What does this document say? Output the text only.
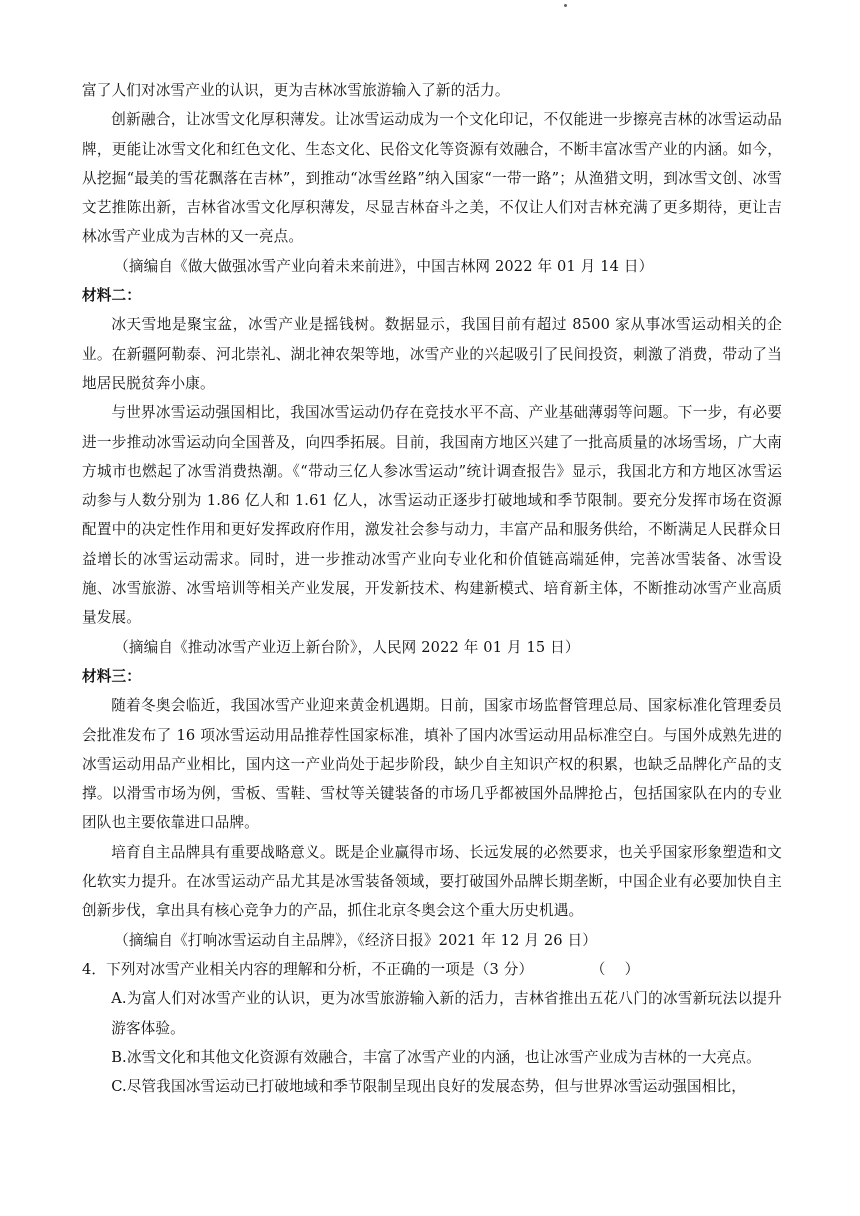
富了人们对冰雪产业的认识，更为吉林冰雪旅游输入了新的活力。

创新融合，让冰雪文化厚积薄发。让冰雪运动成为一个文化印记，不仅能进一步擦亮吉林的冰雪运动品牌，更能让冰雪文化和红色文化、生态文化、民俗文化等资源有效融合，不断丰富冰雪产业的内涵。如今，从挖掘“最美的雪花飘落在吉林”，到推动“冰雪丝路”纳入国家“一带一路”；从渔猎文明，到冰雪文创、冰雪文艺推陈出新，吉林省冰雪文化厚积薄发，尽显吉林奋斗之美，不仅让人们对吉林充满了更多期待，更让吉林冰雪产业成为吉林的又一亮点。

（摘编自《做大做强冰雪产业向着未来前进》，中国吉林网 2022 年 01 月 14 日）

材料二：

冰天雪地是聚宝盆，冰雪产业是摇钱树。数据显示，我国目前有超过 8500 家从事冰雪运动相关的企业。在新疆阿勒泰、河北崇礼、湖北神农架等地，冰雪产业的兴起吸引了民间投资，刺激了消费，带动了当地居民脱贫奔小康。

与世界冰雪运动强国相比，我国冰雪运动仍存在竞技水平不高、产业基础薄弱等问题。下一步，有必要进一步推动冰雪运动向全国普及，向四季拓展。目前，我国南方地区兴建了一批高质量的冰场雪场，广大南方城市也燃起了冰雪消费热潮。《“带动三亿人参冰雪运动”统计调查报告》显示，我国北方和方地区冰雪运动参与人数分别为 1.86 亿人和 1.61 亿人，冰雪运动正逐步打破地域和季节限制。要充分发挥市场在资源配置中的决定性作用和更好发挥政府作用，激发社会参与动力，丰富产品和服务供给，不断满足人民群众日益增长的冰雪运动需求。同时，进一步推动冰雪产业向专业化和价值链高端延伸，完善冰雪装备、冰雪设施、冰雪旅游、冰雪培训等相关产业发展，开发新技术、构建新模式、培育新主体，不断推动冰雪产业高质量发展。

（摘编自《推动冰雪产业迈上新台阶》，人民网 2022 年 01 月 15 日）

材料三：

随着冬奥会临近，我国冰雪产业迎来黄金机遇期。日前，国家市场监督管理总局、国家标准化管理委员会批准发布了 16 项冰雪运动用品推荐性国家标准，填补了国内冰雪运动用品标准空白。与国外成熟先进的冰雪运动用品产业相比，国内这一产业尚处于起步阶段，缺少自主知识产权的积累，也缺乏品牌化产品的支撑。以滑雪市场为例，雪板、雪鞋、雪杖等关键装备的市场几乎都被国外品牌抢占，包括国家队在内的专业团队也主要依靠进口品牌。

培育自主品牌具有重要战略意义。既是企业赢得市场、长远发展的必然要求，也关乎国家形象塑造和文化软实力提升。在冰雪运动产品尤其是冰雪装备领域，要打破国外品牌长期垄断，中国企业有必要加快自主创新步伐，拿出具有核心竞争力的产品，抓住北京冬奥会这个重大历史机遇。

（摘编自《打响冰雪运动自主品牌》，《经济日报》2021 年 12 月 26 日）

4．下列对冰雪产业相关内容的理解和分析，不正确的一项是（3 分）            （    ）

A.为富人们对冰雪产业的认识，更为冰雪旅游输入新的活力，吉林省推出五花八门的冰雪新玩法以提升游客体验。

B.冰雪文化和其他文化资源有效融合，丰富了冰雪产业的内涵，也让冰雪产业成为吉林的一大亮点。

C.尽管我国冰雪运动已打破地域和季节限制呈现出良好的发展态势，但与世界冰雪运动强国相比，
